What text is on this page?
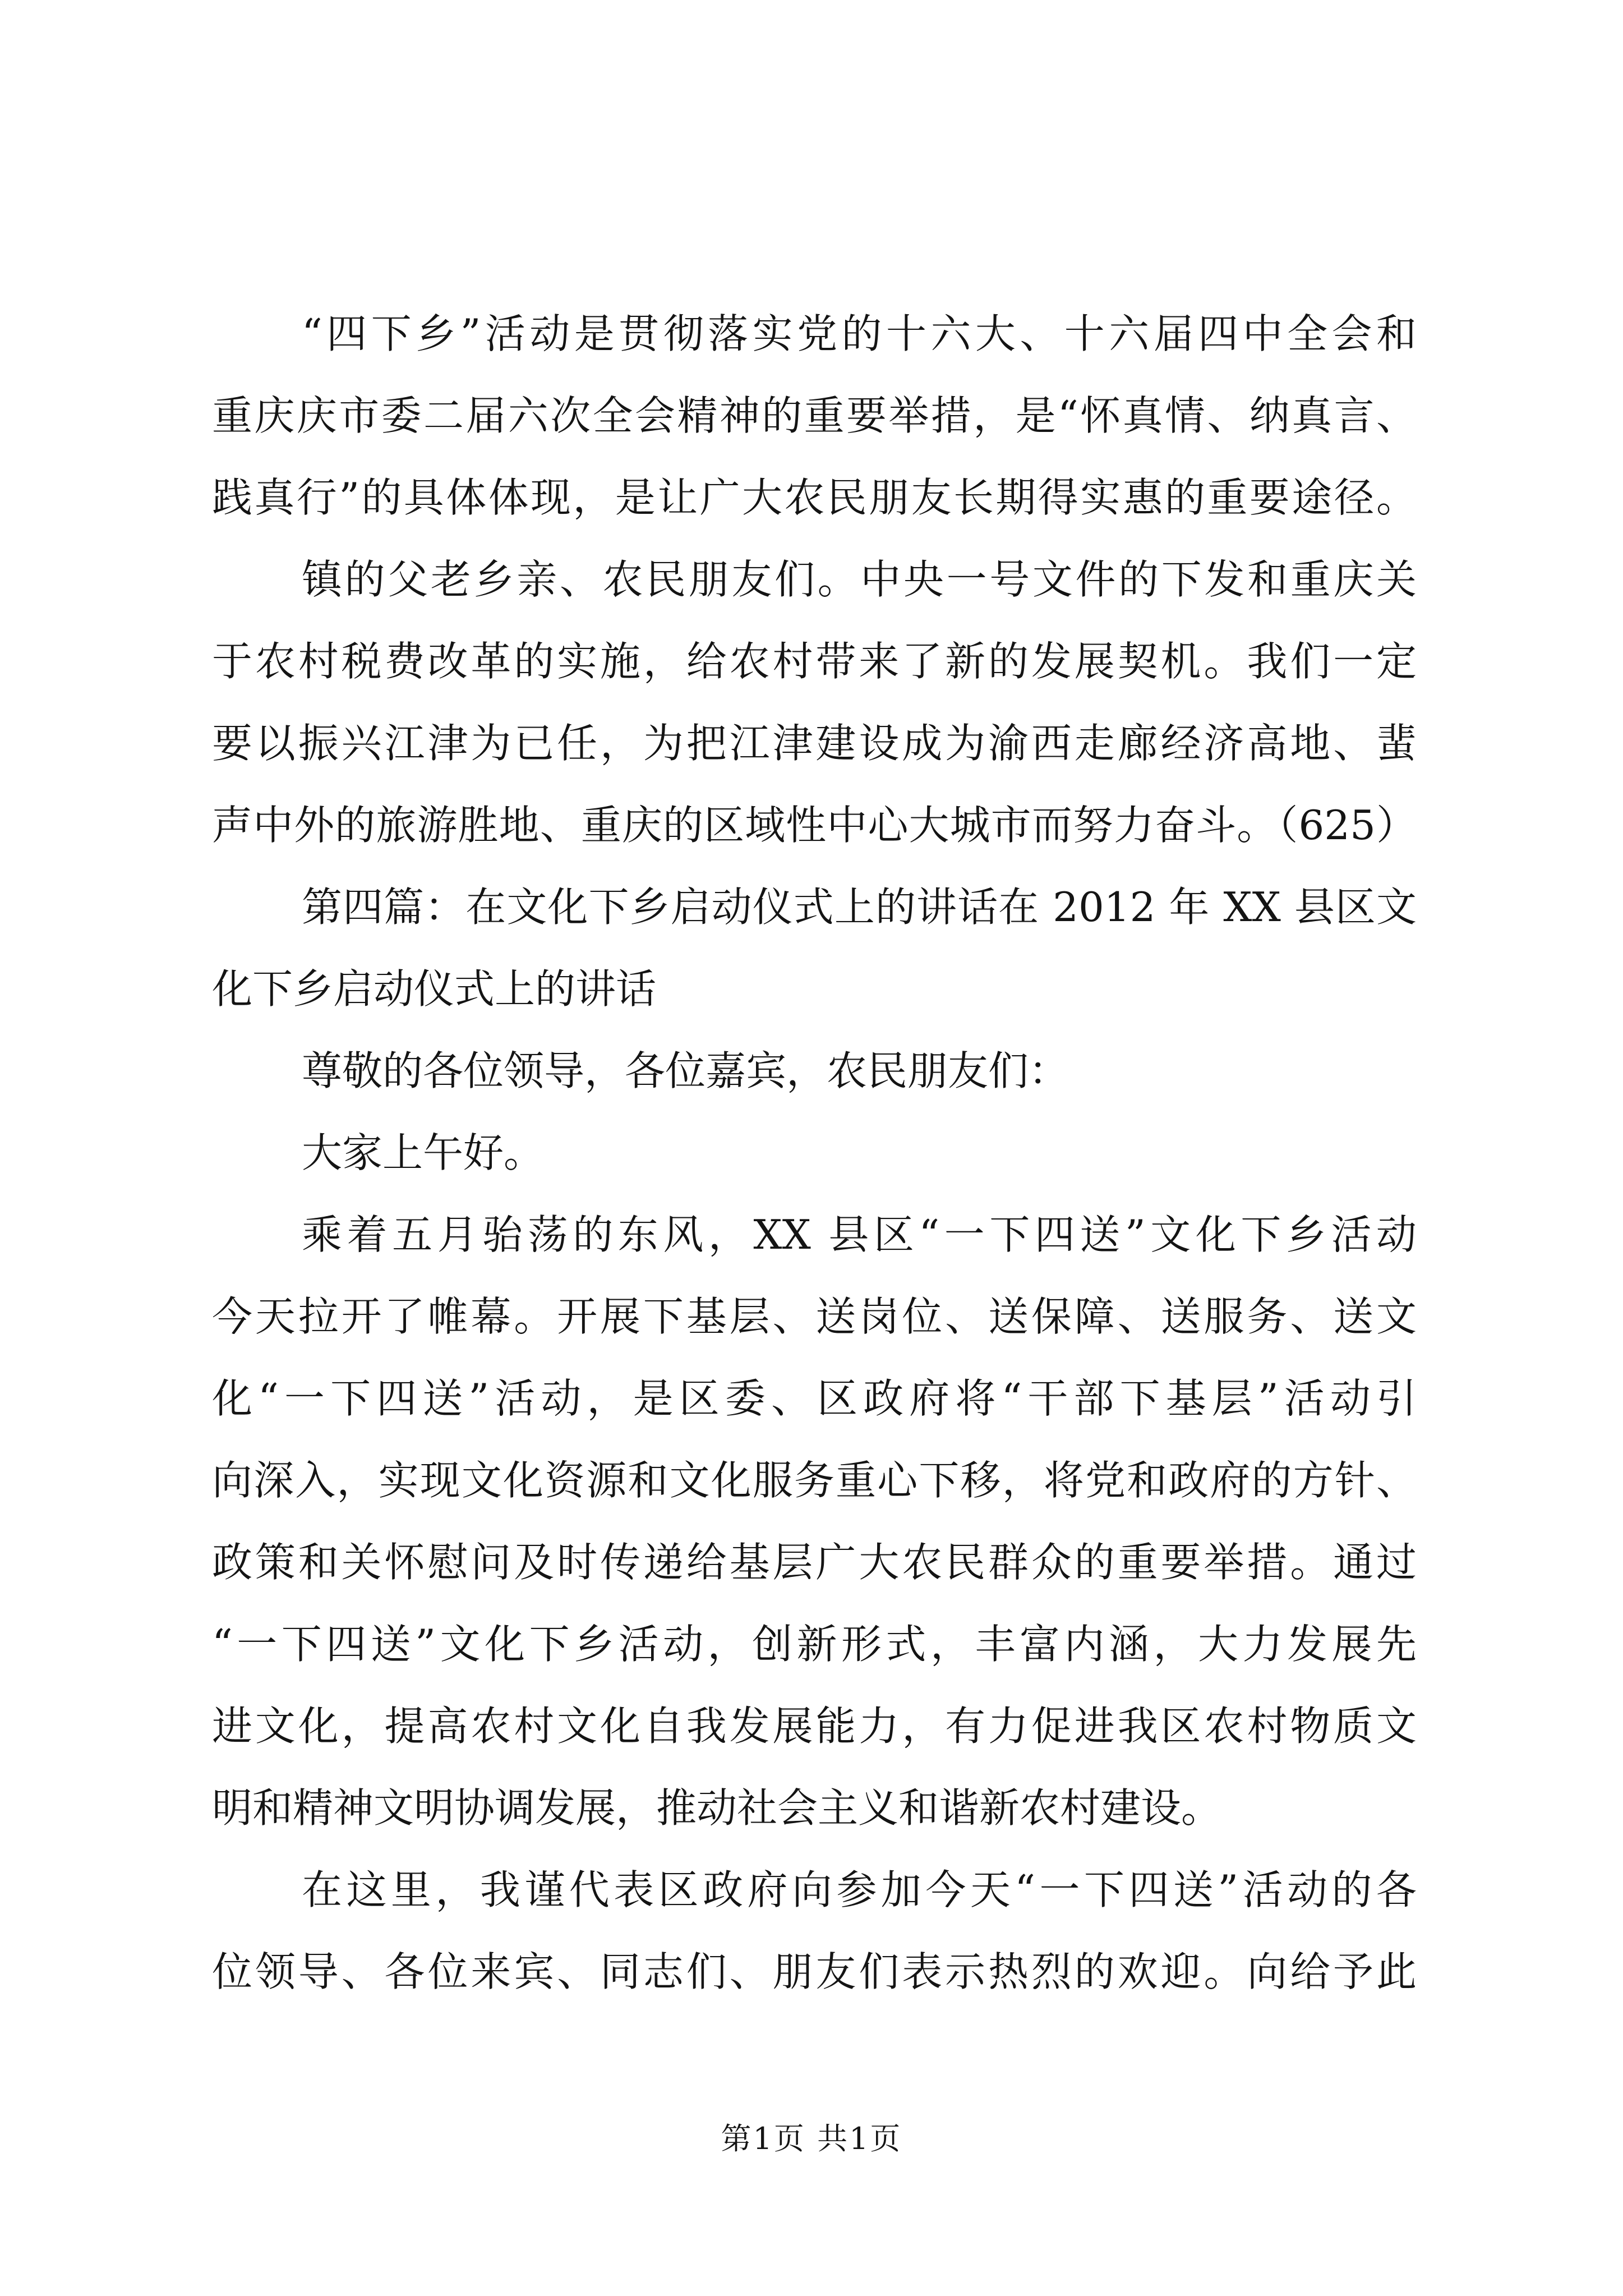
“四下乡”活动是贯彻落实党的十六大、十六届四中全会和
重庆庆市委二届六次全会精神的重要举措，是“怀真情、纳真言、
践真行”的具体体现，是让广大农民朋友长期得实惠的重要途径。
镇的父老乡亲、农民朋友们。中央一号文件的下发和重庆关
于农村税费改革的实施，给农村带来了新的发展契机。我们一定
要以振兴江津为已任，为把江津建设成为渝西走廊经济高地、蜚
声中外的旅游胜地、重庆的区域性中心大城市而努力奋斗。（625）
第四篇：在文化下乡启动仪式上的讲话在 2012 年 XX 县区文
化下乡启动仪式上的讲话
尊敬的各位领导，各位嘉宾，农民朋友们：
大家上午好。
乘着五月骀荡的东风，XX 县区“一下四送”文化下乡活动
今天拉开了帷幕。开展下基层、送岗位、送保障、送服务、送文
化“一下四送”活动，是区委、区政府将“干部下基层”活动引
向深入，实现文化资源和文化服务重心下移，将党和政府的方针、
政策和关怀慰问及时传递给基层广大农民群众的重要举措。通过
“一下四送”文化下乡活动，创新形式，丰富内涵，大力发展先
进文化，提高农村文化自我发展能力，有力促进我区农村物质文
明和精神文明协调发展，推动社会主义和谐新农村建设。
在这里，我谨代表区政府向参加今天“一下四送”活动的各
位领导、各位来宾、同志们、朋友们表示热烈的欢迎。向给予此
第1页 共1页
